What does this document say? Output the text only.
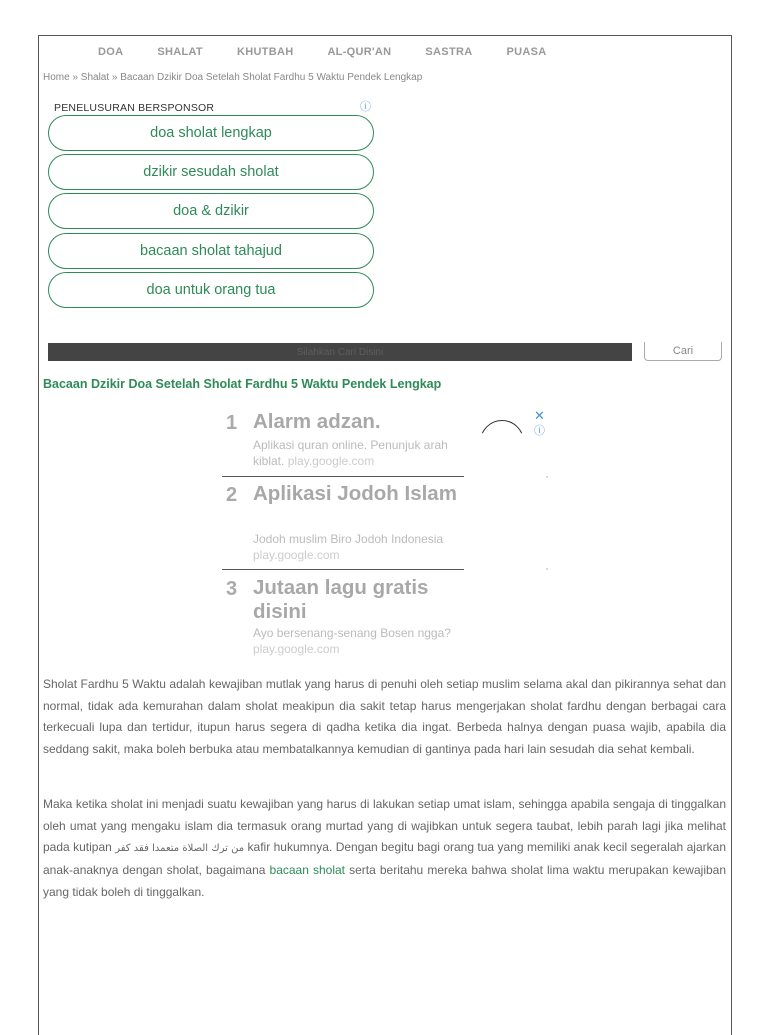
DOA	SHALAT	KHUTBAH	AL-QUR'AN	SASTRA	PUASA
Home » Shalat » Bacaan Dzikir Doa Setelah Sholat Fardhu 5 Waktu Pendek Lengkap
PENELUSURAN BERSPONSOR	ⓘ
doa sholat lengkap
dzikir sesudah sholat
doa & dzikir
bacaan sholat tahajud
doa untuk orang tua
Silahkan Cari Disini
Cari
Bacaan Dzikir Doa Setelah Sholat Fardhu 5 Waktu Pendek Lengkap
✕
ⓘ
1 Alarm adzan.
Aplikasi quran online. Penunjuk arah kiblat. play.google.com
2 Aplikasi Jodoh Islam
Jodoh muslim Biro Jodoh Indonesia
play.google.com
3 Jutaan lagu gratis disini
Ayo bersenang-senang Bosen ngga?
play.google.com

Sholat Fardhu 5 Waktu adalah kewajiban mutlak yang harus di penuhi oleh setiap muslim selama akal dan pikirannya sehat dan normal, tidak ada kemurahan dalam sholat meakipun dia sakit tetap harus mengerjakan sholat fardhu dengan berbagai cara terkecuali lupa dan tertidur, itupun harus segera di qadha ketika dia ingat. Berbeda halnya dengan puasa wajib, apabila dia seddang sakit, maka boleh berbuka atau membatalkannya kemudian di gantinya pada hari lain sesudah dia sehat kembali.

Maka ketika sholat ini menjadi suatu kewajiban yang harus di lakukan setiap umat islam, sehingga apabila sengaja di tinggalkan oleh umat yang mengaku islam dia termasuk orang murtad yang di wajibkan untuk segera taubat, lebih parah lagi jika melihat pada kutipan من ترك الصلاة متعمدا فقد كفر kafir hukumnya. Dengan begitu bagi orang tua yang memiliki anak kecil segeralah ajarkan anak-anaknya dengan sholat, bagaimana bacaan sholat serta beritahu mereka bahwa sholat lima waktu merupakan kewajiban yang tidak boleh di tinggalkan.
